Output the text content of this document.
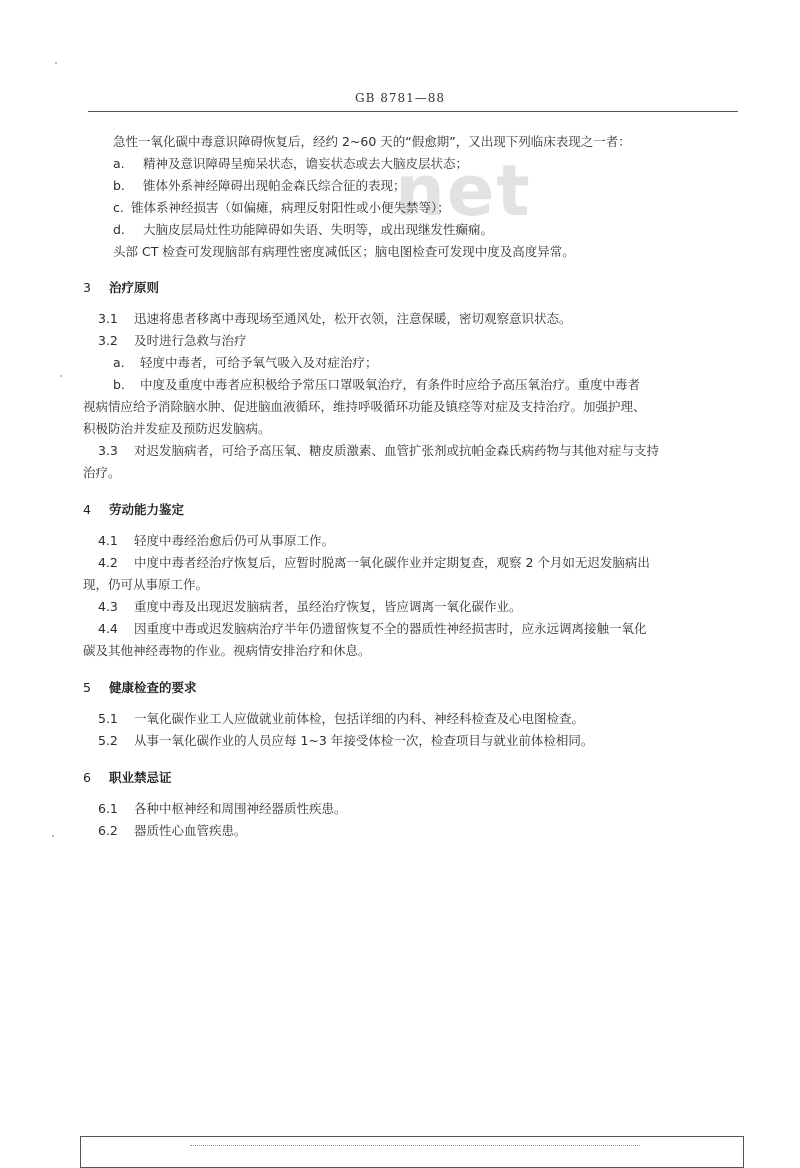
GB 8781—88
net
急性一氧化碳中毒意识障碍恢复后，经约 2~60 天的“假愈期”，又出现下列临床表现之一者：
a. 精神及意识障碍呈痴呆状态，谵妄状态或去大脑皮层状态；
b. 锥体外系神经障碍出现帕金森氏综合征的表现；
c. 锥体系神经损害（如偏瘫，病理反射阳性或小便失禁等）；
d. 大脑皮层局灶性功能障碍如失语、失明等，或出现继发性癫痫。
头部 CT 检查可发现脑部有病理性密度减低区；脑电图检查可发现中度及高度异常。
3 治疗原则
3.1 迅速将患者移离中毒现场至通风处，松开衣领，注意保暖，密切观察意识状态。
3.2 及时进行急救与治疗
a. 轻度中毒者，可给予氧气吸入及对症治疗；
b. 中度及重度中毒者应积极给予常压口罩吸氧治疗，有条件时应给予高压氧治疗。重度中毒者
视病情应给予消除脑水肿、促进脑血液循环，维持呼吸循环功能及镇痉等对症及支持治疗。加强护理、
积极防治并发症及预防迟发脑病。
3.3 对迟发脑病者，可给予高压氧、糖皮质激素、血管扩张剂或抗帕金森氏病药物与其他对症与支持
治疗。
4 劳动能力鉴定
4.1 轻度中毒经治愈后仍可从事原工作。
4.2 中度中毒者经治疗恢复后，应暂时脱离一氧化碳作业并定期复查，观察 2 个月如无迟发脑病出
现，仍可从事原工作。
4.3 重度中毒及出现迟发脑病者，虽经治疗恢复，皆应调离一氧化碳作业。
4.4 因重度中毒或迟发脑病治疗半年仍遗留恢复不全的器质性神经损害时，应永远调离接触一氧化
碳及其他神经毒物的作业。视病情安排治疗和休息。
5 健康检查的要求
5.1 一氧化碳作业工人应做就业前体检，包括详细的内科、神经科检查及心电图检查。
5.2 从事一氧化碳作业的人员应每 1~3 年接受体检一次，检查项目与就业前体检相同。
6 职业禁忌证
6.1 各种中枢神经和周围神经器质性疾患。
6.2 器质性心血管疾患。
